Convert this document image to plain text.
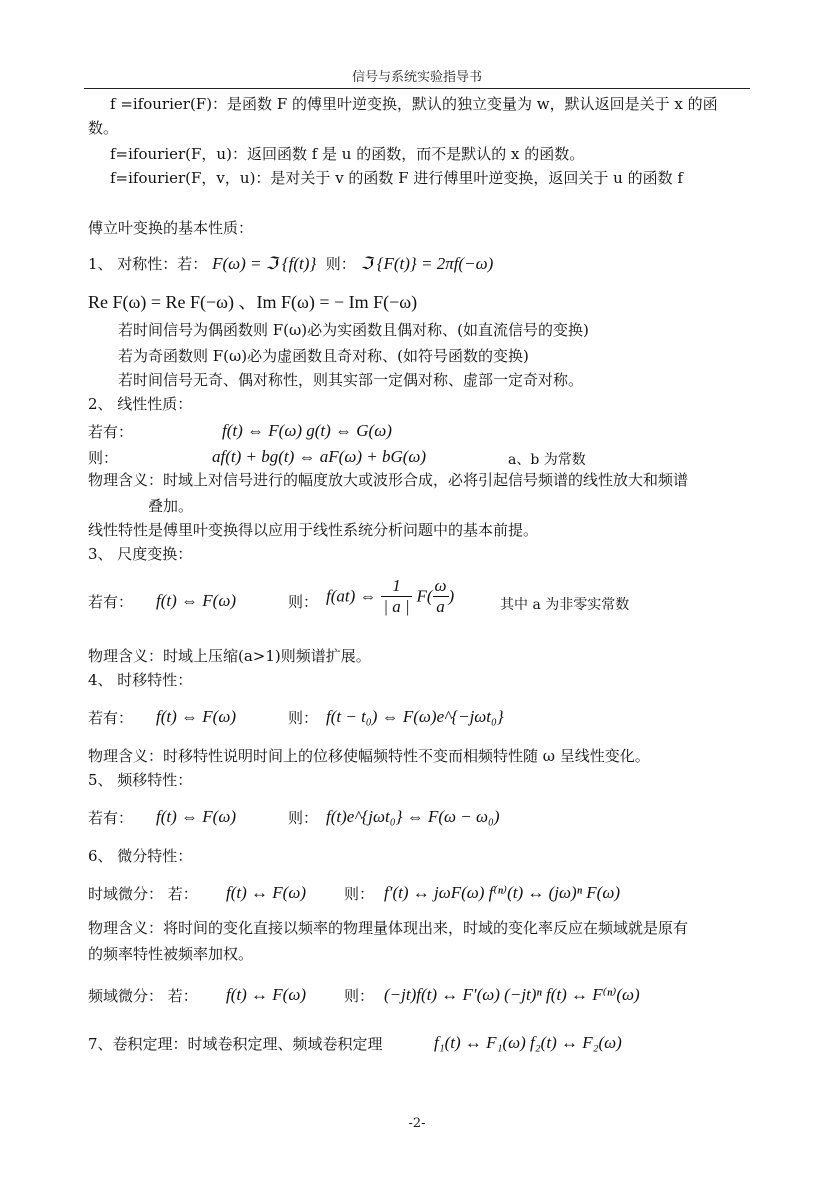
信号与系统实验指导书
f =ifourier(F)：是函数 F 的傅里叶逆变换，默认的独立变量为 w，默认返回是关于 x 的函
数。
f=ifourier(F，u)：返回函数 f 是 u 的函数，而不是默认的 x 的函数。
f=ifourier(F，v，u)：是对关于 v 的函数 F 进行傅里叶逆变换，返回关于 u 的函数 f
傅立叶变换的基本性质：
1、 对称性：若： F(ω) = ℑ {f(t)} 则： ℑ {F(t)} = 2πf(−ω)
Re F(ω) = Re F(−ω) 、Im F(ω) = − Im F(−ω)
若时间信号为偶函数则 F(ω)必为实函数且偶对称、(如直流信号的变换)
若为奇函数则 F(ω)必为虚函数且奇对称、(如符号函数的变换)
若时间信号无奇、偶对称性，则其实部一定偶对称、虚部一定奇对称。
2、 线性性质：
若有：	f(t) ⇔ F(ω) g(t) ⇔ G(ω)
则：	af(t) + bg(t) ⇔ aF(ω) + bG(ω)	a、b 为常数
物理含义：时域上对信号进行的幅度放大或波形合成，必将引起信号频谱的线性放大和频谱
叠加。
线性特性是傅里叶变换得以应用于线性系统分析问题中的基本前提。
3、 尺度变换：
若有： f(t) ⇔ F(ω)	则： f(at) ⇔ $\frac{1}{| a |} F( \frac{\omega}{a}$ )	其中 a 为非零实常数
物理含义：时域上压缩(a>1)则频谱扩展。
4、 时移特性：
若有： f(t) ⇔ F(ω)	则： f(t − t₀) ⇔ F(ω)e^{−jωt₀}
物理含义：时移特性说明时间上的位移使幅频特性不变而相频特性随 ω 呈线性变化。
5、 频移特性：
若有： f(t) ⇔ F(ω)	则： f(t)e^{jωt₀} ⇔ F(ω − ω₀)
6、 微分特性：
时域微分： 若： f(t) ↔ F(ω)	则： f′(t) ↔ jωF(ω) f⁽ⁿ⁾(t) ↔ (jω)ⁿ F(ω)
物理含义：将时间的变化直接以频率的物理量体现出来，时域的变化率反应在频域就是原有
的频率特性被频率加权。
频域微分： 若： f(t) ↔ F(ω)	则： (−jt)f(t) ↔ F′(ω) (−jt)ⁿ f(t) ↔ F⁽ⁿ⁾(ω)
7、卷积定理：时域卷积定理、频域卷积定理	f₁(t) ↔ F₁(ω) f₂(t) ↔ F₂(ω)
-2-
